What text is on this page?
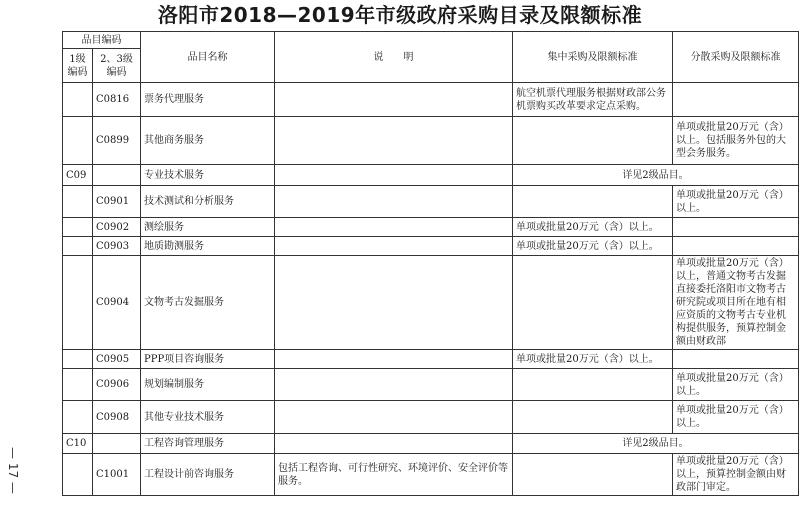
洛阳市2018—2019年市级政府采购目录及限额标准
— 17 —
品目编码		品目名称	说　　明	集中采购及限额标准	分散采购及限额标准
1级编码	2、3级编码				
	C0816	票务代理服务		航空机票代理服务根据财政部公务机票购买改革要求定点采购。	
	C0899	其他商务服务			单项或批量20万元（含）以上。包括服务外包的大型会务服务。
C09		专业技术服务		详见2级品目。	
	C0901	技术测试和分析服务			单项或批量20万元（含）以上。
	C0902	测绘服务		单项或批量20万元（含）以上。	
	C0903	地质勘测服务		单项或批量20万元（含）以上。	
	C0904	文物考古发掘服务			单项或批量20万元（含）以上，普通文物考古发掘直接委托洛阳市文物考古研究院或项目所在地有相应资质的文物考古专业机构提供服务，预算控制金额由财政部
	C0905	PPP项目咨询服务		单项或批量20万元（含）以上。	
	C0906	规划编制服务			单项或批量20万元（含）以上。
	C0908	其他专业技术服务			单项或批量20万元（含）以上。
C10		工程咨询管理服务		详见2级品目。	
	C1001	工程设计前咨询服务	包括工程咨询、可行性研究、环境评价、安全评价等服务。		单项或批量20万元（含）以上，预算控制金额由财政部门审定。
